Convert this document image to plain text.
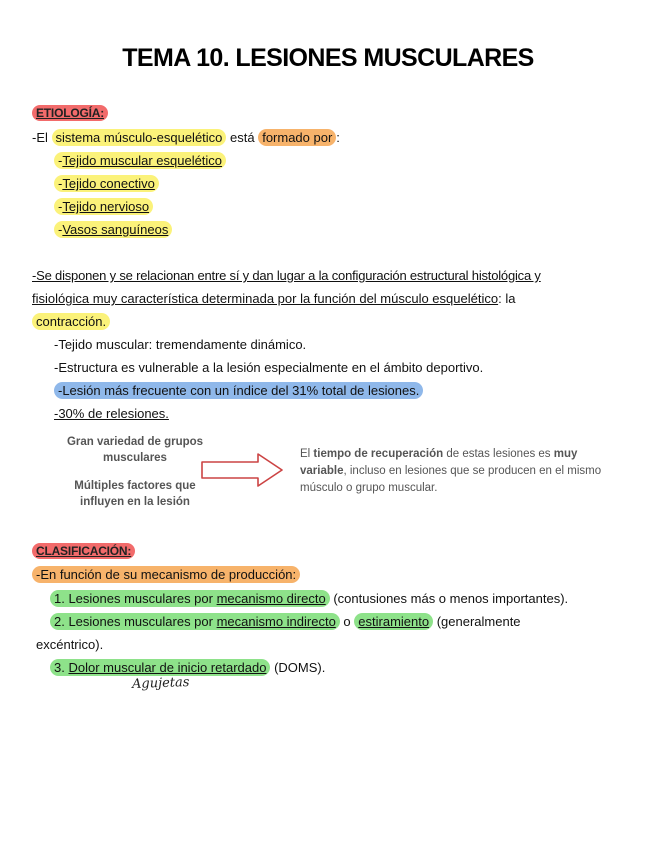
TEMA 10. LESIONES MUSCULARES
ETIOLOGÍA:
-El sistema músculo-esquelético está formado por :
-Tejido muscular esquelético
-Tejido conectivo
-Tejido nervioso
-Vasos sanguíneos
-Se disponen y se relacionan entre sí y dan lugar a la configuración estructural histológica y
fisiológica muy característica determinada por la función del músculo esquelético: la
contracción.
-Tejido muscular: tremendamente dinámico.
-Estructura es vulnerable a la lesión especialmente en el ámbito deportivo.
-Lesión más frecuente con un índice del 31% total de lesiones.
-30% de relesiones.
Gran variedad de grupos musculares
Múltiples factores que influyen en la lesión
El tiempo de recuperación de estas lesiones es muy variable, incluso en lesiones que se producen en el mismo músculo o grupo muscular.
CLASIFICACIÓN:
-En función de su mecanismo de producción:
1. Lesiones musculares por mecanismo directo (contusiones más o menos importantes).
2. Lesiones musculares por mecanismo indirecto o estiramiento (generalmente
excéntrico).
3. Dolor muscular de inicio retardado (DOMS).
Agujetas
